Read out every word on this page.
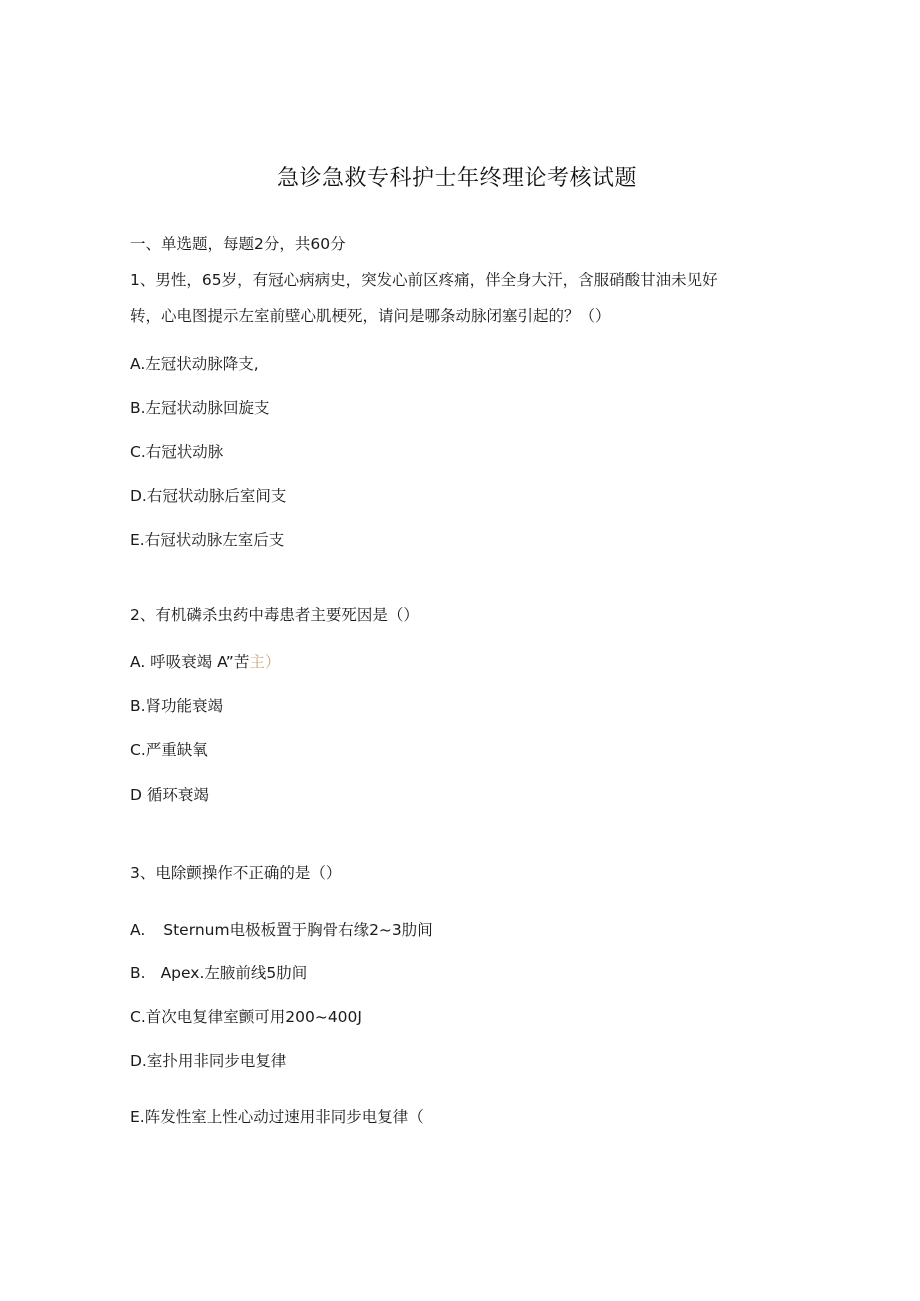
急诊急救专科护士年终理论考核试题
一、单选题，每题2分，共60分
1、男性，65岁，有冠心病病史，突发心前区疼痛，伴全身大汗，含服硝酸甘油未见好
转，心电图提示左室前壁心肌梗死，请问是哪条动脉闭塞引起的？（）
A.左冠状动脉降支,
B.左冠状动脉回旋支
C.右冠状动脉
D.右冠状动脉后室间支
E.右冠状动脉左室后支
2、有机磷杀虫药中毒患者主要死因是（）
A. 呼吸衰竭 A”苦主）
B.肾功能衰竭
C.严重缺氧
D 循环衰竭
3、电除颤操作不正确的是（）
A. Sternum电极板置于胸骨右缘2~3肋间
B. Apex.左腋前线5肋间
C.首次电复律室颤可用200~400J
D.室扑用非同步电复律
E.阵发性室上性心动过速用非同步电复律（
